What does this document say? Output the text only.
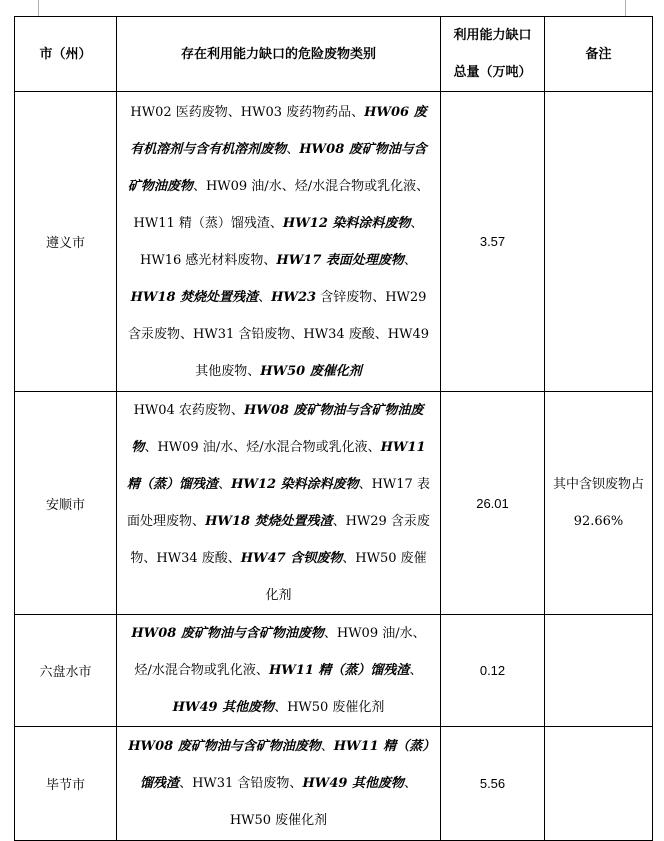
市（州）	存在利用能力缺口的危险废物类别	利用能力缺口总量（万吨）	备注
遵义市	HW02 医药废物、HW03 废药物药品、HW06 废有机溶剂与含有机溶剂废物、HW08 废矿物油与含矿物油废物、HW09 油/水、烃/水混合物或乳化液、HW11 精（蒸）馏残渣、HW12 染料涂料废物、HW16 感光材料废物、HW17 表面处理废物、HW18 焚烧处置残渣、HW23 含锌废物、HW29 含汞废物、HW31 含铅废物、HW34 废酸、HW49 其他废物、HW50 废催化剂	3.57	
安顺市	HW04 农药废物、HW08 废矿物油与含矿物油废物、HW09 油/水、烃/水混合物或乳化液、HW11 精（蒸）馏残渣、HW12 染料涂料废物、HW17 表面处理废物、HW18 焚烧处置残渣、HW29 含汞废物、HW34 废酸、HW47 含钡废物、HW50 废催化剂	26.01	其中含钡废物占 92.66%
六盘水市	HW08 废矿物油与含矿物油废物、HW09 油/水、烃/水混合物或乳化液、HW11 精（蒸）馏残渣、HW49 其他废物、HW50 废催化剂	0.12	
毕节市	HW08 废矿物油与含矿物油废物、HW11 精（蒸）馏残渣、HW31 含铅废物、HW49 其他废物、HW50 废催化剂	5.56	
